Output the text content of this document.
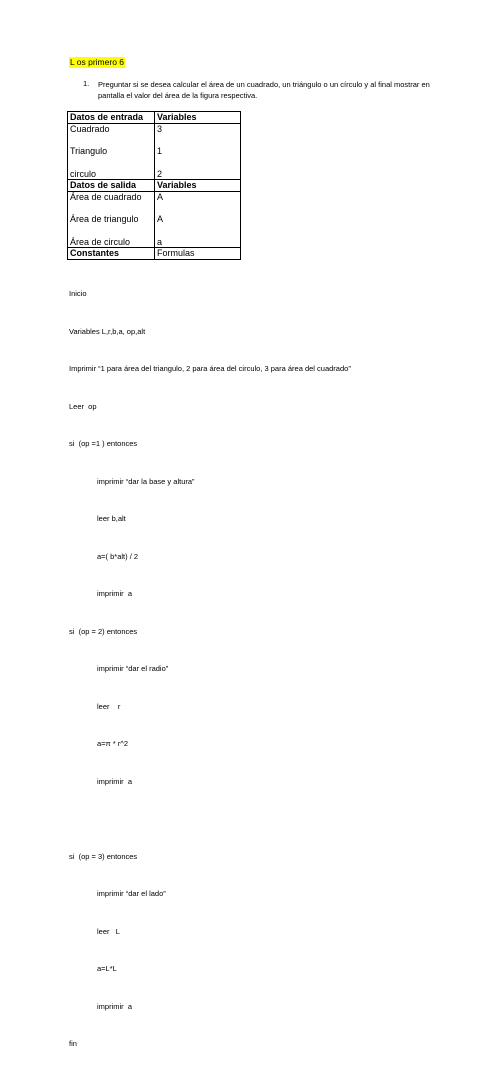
L os primero 6
1. Preguntar si se desea calcular el área de un cuadrado, un triángulo o un círculo y al final mostrar en pantalla el valor del área de la figura respectiva.
Datos de entrada	Variables
Cuadrado	3
Triangulo	1
circulo	2
Datos de salida	Variables
Área de cuadrado	A
Área de triangulo	A
Área de circulo	a
Constantes	Formulas

Inicio

Variables L,r,b,a, op,alt

Imprimir “1 para área del triangulo, 2 para área del circulo, 3 para área del cuadrado”

Leer  op

si  (op =1 ) entonces

imprimir “dar la base y altura”

leer b,alt

a=( b*alt) / 2

imprimir  a

si  (op = 2) entonces

imprimir “dar el radio”

leer    r

a=π * r^2

imprimir  a

si  (op = 3) entonces

imprimir “dar el lado”

leer   L

a=L*L

imprimir  a

fin
